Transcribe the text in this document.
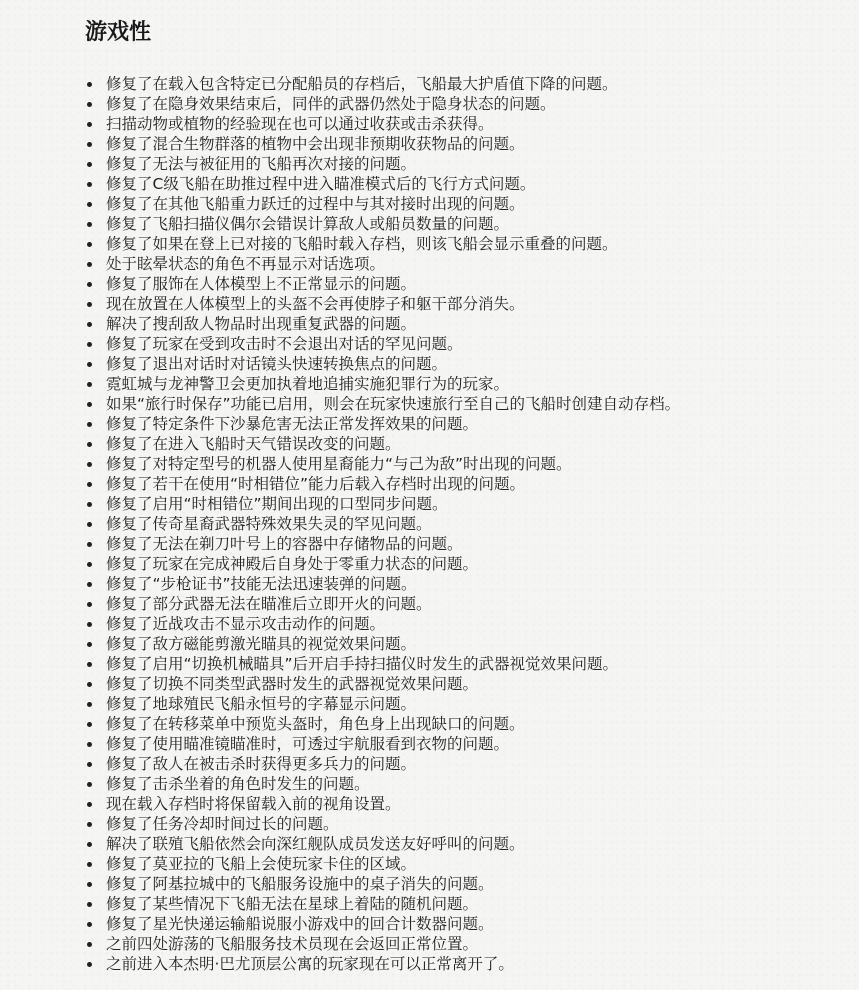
游戏性
修复了在载入包含特定已分配船员的存档后，飞船最大护盾值下降的问题。
修复了在隐身效果结束后，同伴的武器仍然处于隐身状态的问题。
扫描动物或植物的经验现在也可以通过收获或击杀获得。
修复了混合生物群落的植物中会出现非预期收获物品的问题。
修复了无法与被征用的飞船再次对接的问题。
修复了C级飞船在助推过程中进入瞄准模式后的飞行方式问题。
修复了在其他飞船重力跃迁的过程中与其对接时出现的问题。
修复了飞船扫描仪偶尔会错误计算敌人或船员数量的问题。
修复了如果在登上已对接的飞船时载入存档，则该飞船会显示重叠的问题。
处于眩晕状态的角色不再显示对话选项。
修复了服饰在人体模型上不正常显示的问题。
现在放置在人体模型上的头盔不会再使脖子和躯干部分消失。
解决了搜刮敌人物品时出现重复武器的问题。
修复了玩家在受到攻击时不会退出对话的罕见问题。
修复了退出对话时对话镜头快速转换焦点的问题。
霓虹城与龙神警卫会更加执着地追捕实施犯罪行为的玩家。
如果“旅行时保存”功能已启用，则会在玩家快速旅行至自己的飞船时创建自动存档。
修复了特定条件下沙暴危害无法正常发挥效果的问题。
修复了在进入飞船时天气错误改变的问题。
修复了对特定型号的机器人使用星裔能力“与己为敌”时出现的问题。
修复了若干在使用“时相错位”能力后载入存档时出现的问题。
修复了启用“时相错位”期间出现的口型同步问题。
修复了传奇星裔武器特殊效果失灵的罕见问题。
修复了无法在剃刀叶号上的容器中存储物品的问题。
修复了玩家在完成神殿后自身处于零重力状态的问题。
修复了“步枪证书”技能无法迅速装弹的问题。
修复了部分武器无法在瞄准后立即开火的问题。
修复了近战攻击不显示攻击动作的问题。
修复了敌方磁能剪激光瞄具的视觉效果问题。
修复了启用“切换机械瞄具”后开启手持扫描仪时发生的武器视觉效果问题。
修复了切换不同类型武器时发生的武器视觉效果问题。
修复了地球殖民飞船永恒号的字幕显示问题。
修复了在转移菜单中预览头盔时，角色身上出现缺口的问题。
修复了使用瞄准镜瞄准时，可透过宇航服看到衣物的问题。
修复了敌人在被击杀时获得更多兵力的问题。
修复了击杀坐着的角色时发生的问题。
现在载入存档时将保留载入前的视角设置。
修复了任务冷却时间过长的问题。
解决了联殖飞船依然会向深红舰队成员发送友好呼叫的问题。
修复了莫亚拉的飞船上会使玩家卡住的区域。
修复了阿基拉城中的飞船服务设施中的桌子消失的问题。
修复了某些情况下飞船无法在星球上着陆的随机问题。
修复了星光快递运输船说服小游戏中的回合计数器问题。
之前四处游荡的飞船服务技术员现在会返回正常位置。
之前进入本杰明·巴尤顶层公寓的玩家现在可以正常离开了。
